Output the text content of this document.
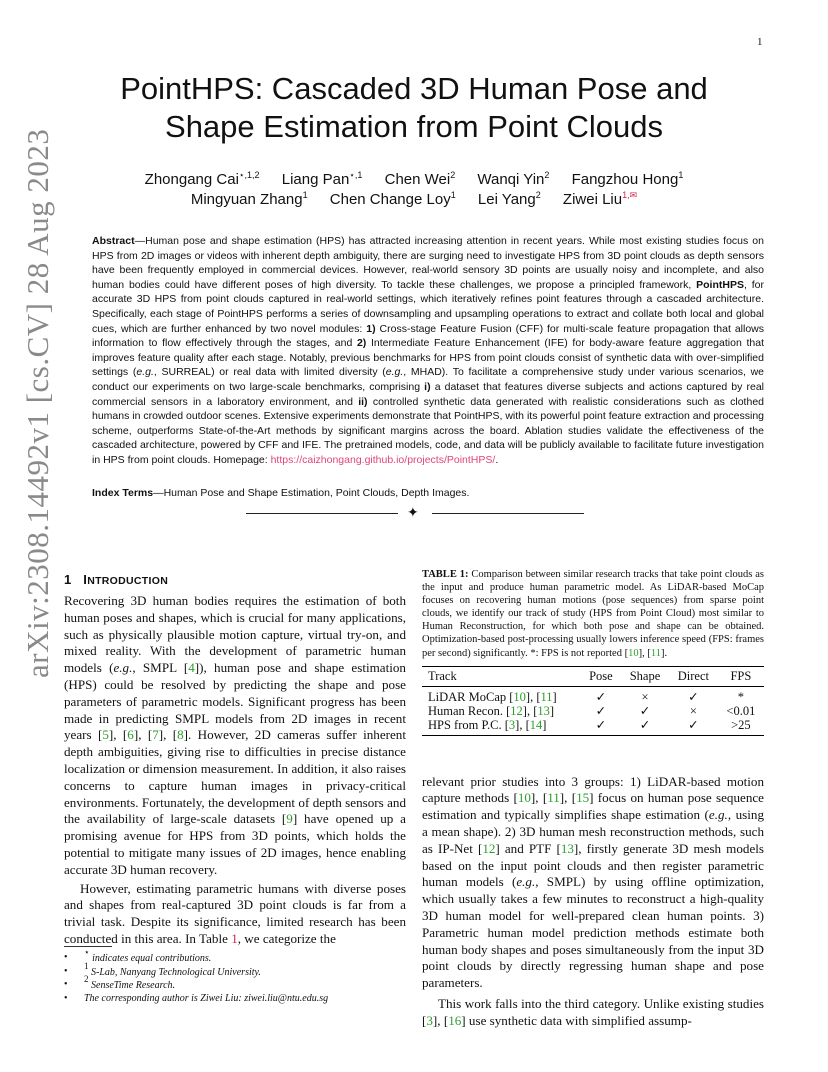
1
arXiv:2308.14492v1 [cs.CV] 28 Aug 2023
PointHPS: Cascaded 3D Human Pose and
Shape Estimation from Point Clouds
Zhongang Cai$^{⋆,1,2}$ Liang Pan$^{⋆,1}$ Chen Wei$^2$ Wanqi Yin$^2$ Fangzhou Hong$^1$
Mingyuan Zhang$^1$ Chen Change Loy$^1$ Lei Yang$^2$ Ziwei Liu$^{1,✉}$

Abstract—Human pose and shape estimation (HPS) has attracted increasing attention in recent years. While most existing studies focus on HPS from 2D images or videos with inherent depth ambiguity, there are surging need to investigate HPS from 3D point clouds as depth sensors have been frequently employed in commercial devices. However, real-world sensory 3D points are usually noisy and incomplete, and also human bodies could have different poses of high diversity. To tackle these challenges, we propose a principled framework, PointHPS, for accurate 3D HPS from point clouds captured in real-world settings, which iteratively refines point features through a cascaded architecture. Specifically, each stage of PointHPS performs a series of downsampling and upsampling operations to extract and collate both local and global cues, which are further enhanced by two novel modules: 1) Cross-stage Feature Fusion (CFF) for multi-scale feature propagation that allows information to flow effectively through the stages, and 2) Intermediate Feature Enhancement (IFE) for body-aware feature aggregation that improves feature quality after each stage. Notably, previous benchmarks for HPS from point clouds consist of synthetic data with over-simplified settings (e.g., SURREAL) or real data with limited diversity (e.g., MHAD). To facilitate a comprehensive study under various scenarios, we conduct our experiments on two large-scale benchmarks, comprising i) a dataset that features diverse subjects and actions captured by real commercial sensors in a laboratory environment, and ii) controlled synthetic data generated with realistic considerations such as clothed humans in crowded outdoor scenes. Extensive experiments demonstrate that PointHPS, with its powerful point feature extraction and processing scheme, outperforms State-of-the-Art methods by significant margins across the board. Ablation studies validate the effectiveness of the cascaded architecture, powered by CFF and IFE. The pretrained models, code, and data will be publicly available to facilitate future investigation in HPS from point clouds. Homepage: https://caizhongang.github.io/projects/PointHPS/.

Index Terms—Human Pose and Shape Estimation, Point Clouds, Depth Images.
✦
1 INTRODUCTION

Recovering 3D human bodies requires the estimation of both human poses and shapes, which is crucial for many applications, such as physically plausible motion capture, virtual try-on, and mixed reality. With the development of parametric human models (e.g., SMPL [4]), human pose and shape estimation (HPS) could be resolved by predicting the shape and pose parameters of parametric models. Significant progress has been made in predicting SMPL models from 2D images in recent years [5], [6], [7], [8]. However, 2D cameras suffer inherent depth ambiguities, giving rise to difficulties in precise distance localization or dimension measurement. In addition, it also raises concerns to capture human images in privacy-critical environments. Fortunately, the development of depth sensors and the availability of large-scale datasets [9] have opened up a promising avenue for HPS from 3D points, which holds the potential to mitigate many issues of 2D images, hence enabling accurate 3D human recovery.

However, estimating parametric humans with diverse poses and shapes from real-captured 3D point clouds is far from a trivial task. Despite its significance, limited research has been conducted in this area. In Table 1, we categorize the

• ⋆ indicates equal contributions.
• $^1$ S-Lab, Nanyang Technological University.
• $^2$ SenseTime Research.
• The corresponding author is Ziwei Liu: ziwei.liu@ntu.edu.sg

TABLE 1: Comparison between similar research tracks that take point clouds as the input and produce human parametric model. As LiDAR-based MoCap focuses on recovering human motions (pose sequences) from sparse point clouds, we identify our track of study (HPS from Point Cloud) most similar to Human Reconstruction, for which both pose and shape can be obtained. Optimization-based post-processing usually lowers inference speed (FPS: frames per second) significantly. *: FPS is not reported [10], [11].

Track	Pose	Shape	Direct	FPS
LiDAR MoCap [10], [11]	✓	×	✓	*
Human Recon. [12], [13]	✓	✓	×	<0.01
HPS from P.C. [3], [14]	✓	✓	✓	>25

relevant prior studies into 3 groups: 1) LiDAR-based motion capture methods [10], [11], [15] focus on human pose sequence estimation and typically simplifies shape estimation (e.g., using a mean shape). 2) 3D human mesh reconstruction methods, such as IP-Net [12] and PTF [13], firstly generate 3D mesh models based on the input point clouds and then register parametric human models (e.g., SMPL) by using offline optimization, which usually takes a few minutes to reconstruct a high-quality 3D human model for well-prepared clean human points. 3) Parametric human model prediction methods estimate both human body shapes and poses simultaneously from the input 3D point clouds by directly regressing human shape and pose parameters.

This work falls into the third category. Unlike existing studies [3], [16] use synthetic data with simplified assump-
